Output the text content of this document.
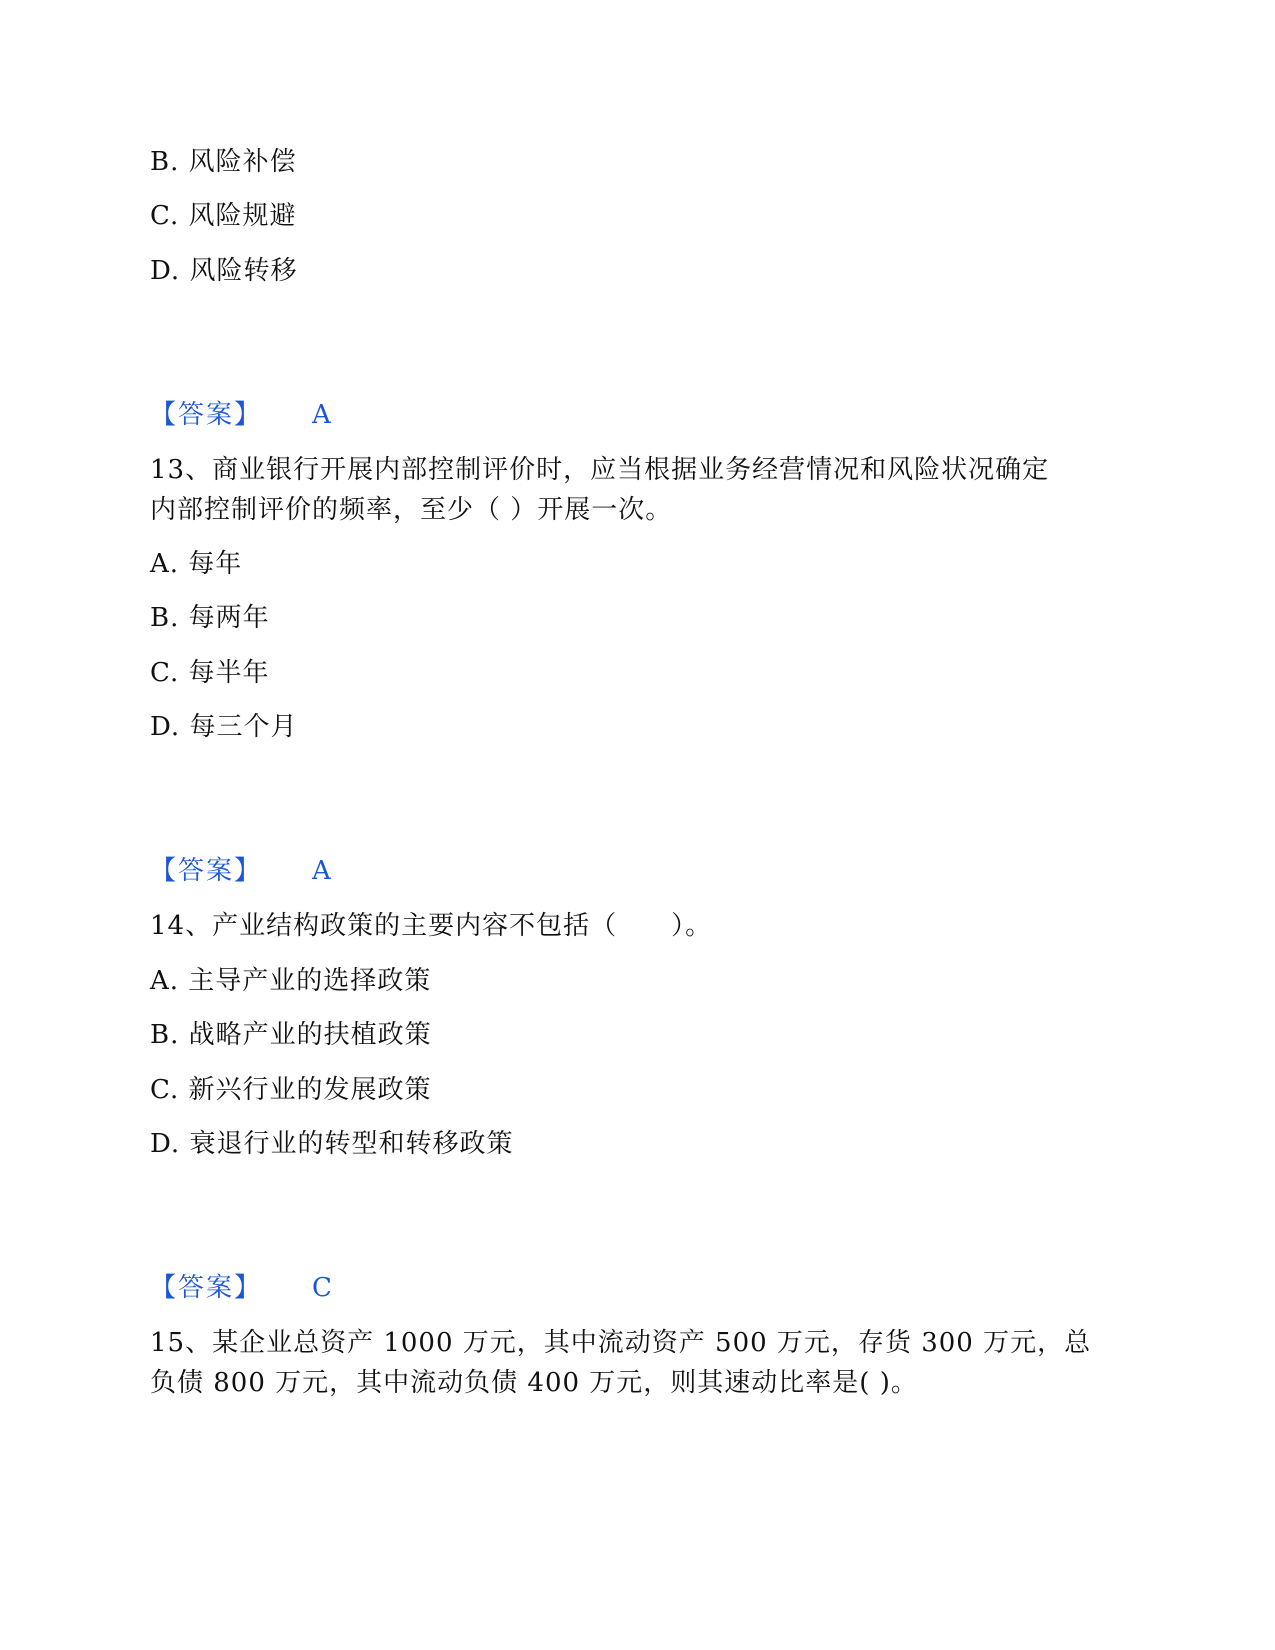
B. 风险补偿
C. 风险规避
D. 风险转移
【答案】 A
13、商业银行开展内部控制评价时，应当根据业务经营情况和风险状况确定
内部控制评价的频率，至少（ ）开展一次。
A. 每年
B. 每两年
C. 每半年
D. 每三个月
【答案】 A
14、产业结构政策的主要内容不包括（　　）。
A. 主导产业的选择政策
B. 战略产业的扶植政策
C. 新兴行业的发展政策
D. 衰退行业的转型和转移政策
【答案】 C
15、某企业总资产 1000 万元，其中流动资产 500 万元，存货 300 万元，总
负债 800 万元，其中流动负债 400 万元，则其速动比率是( )。
